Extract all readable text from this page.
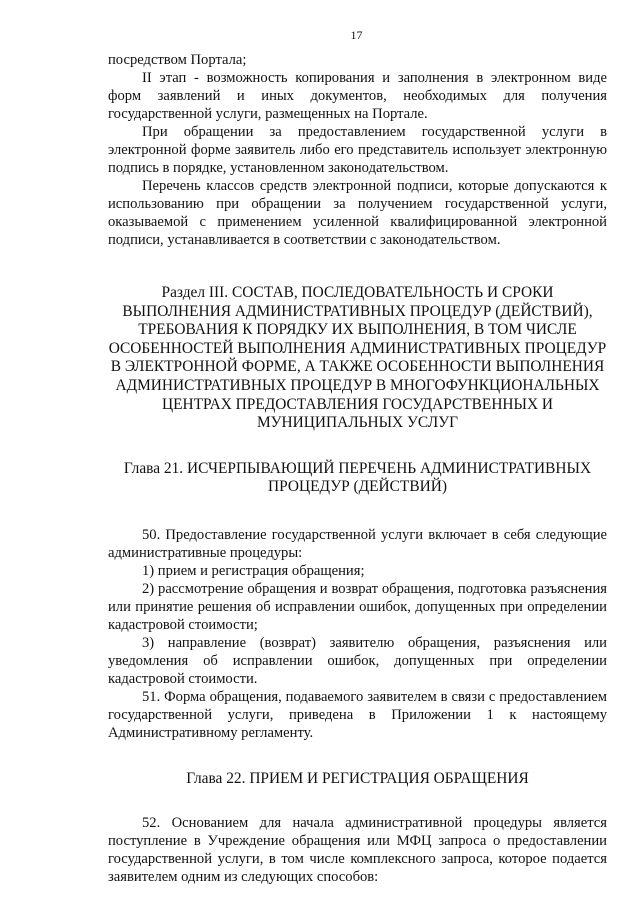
17

посредством Портала;

II этап - возможность копирования и заполнения в электронном виде форм заявлений и иных документов, необходимых для получения государственной услуги, размещенных на Портале.

При обращении за предоставлением государственной услуги в электронной форме заявитель либо его представитель использует электронную подпись в порядке, установленном законодательством.

Перечень классов средств электронной подписи, которые допускаются к использованию при обращении за получением государственной услуги, оказываемой с применением усиленной квалифицированной электронной подписи, устанавливается в соответствии с законодательством.

Раздел III. СОСТАВ, ПОСЛЕДОВАТЕЛЬНОСТЬ И СРОКИ ВЫПОЛНЕНИЯ АДМИНИСТРАТИВНЫХ ПРОЦЕДУР (ДЕЙСТВИЙ), ТРЕБОВАНИЯ К ПОРЯДКУ ИХ ВЫПОЛНЕНИЯ, В ТОМ ЧИСЛЕ ОСОБЕННОСТЕЙ ВЫПОЛНЕНИЯ АДМИНИСТРАТИВНЫХ ПРОЦЕДУР В ЭЛЕКТРОННОЙ ФОРМЕ, А ТАКЖЕ ОСОБЕННОСТИ ВЫПОЛНЕНИЯ АДМИНИСТРАТИВНЫХ ПРОЦЕДУР В МНОГОФУНКЦИОНАЛЬНЫХ ЦЕНТРАХ ПРЕДОСТАВЛЕНИЯ ГОСУДАРСТВЕННЫХ И МУНИЦИПАЛЬНЫХ УСЛУГ
Глава 21. ИСЧЕРПЫВАЮЩИЙ ПЕРЕЧЕНЬ АДМИНИСТРАТИВНЫХ ПРОЦЕДУР (ДЕЙСТВИЙ)

50. Предоставление государственной услуги включает в себя следующие административные процедуры:

1) прием и регистрация обращения;

2) рассмотрение обращения и возврат обращения, подготовка разъяснения или принятие решения об исправлении ошибок, допущенных при определении кадастровой стоимости;

3) направление (возврат) заявителю обращения, разъяснения или уведомления об исправлении ошибок, допущенных при определении кадастровой стоимости.

51. Форма обращения, подаваемого заявителем в связи с предоставлением государственной услуги, приведена в Приложении 1 к настоящему Административному регламенту.

Глава 22. ПРИЕМ И РЕГИСТРАЦИЯ ОБРАЩЕНИЯ

52. Основанием для начала административной процедуры является поступление в Учреждение обращения или МФЦ запроса о предоставлении государственной услуги, в том числе комплексного запроса, которое подается заявителем одним из следующих способов:
